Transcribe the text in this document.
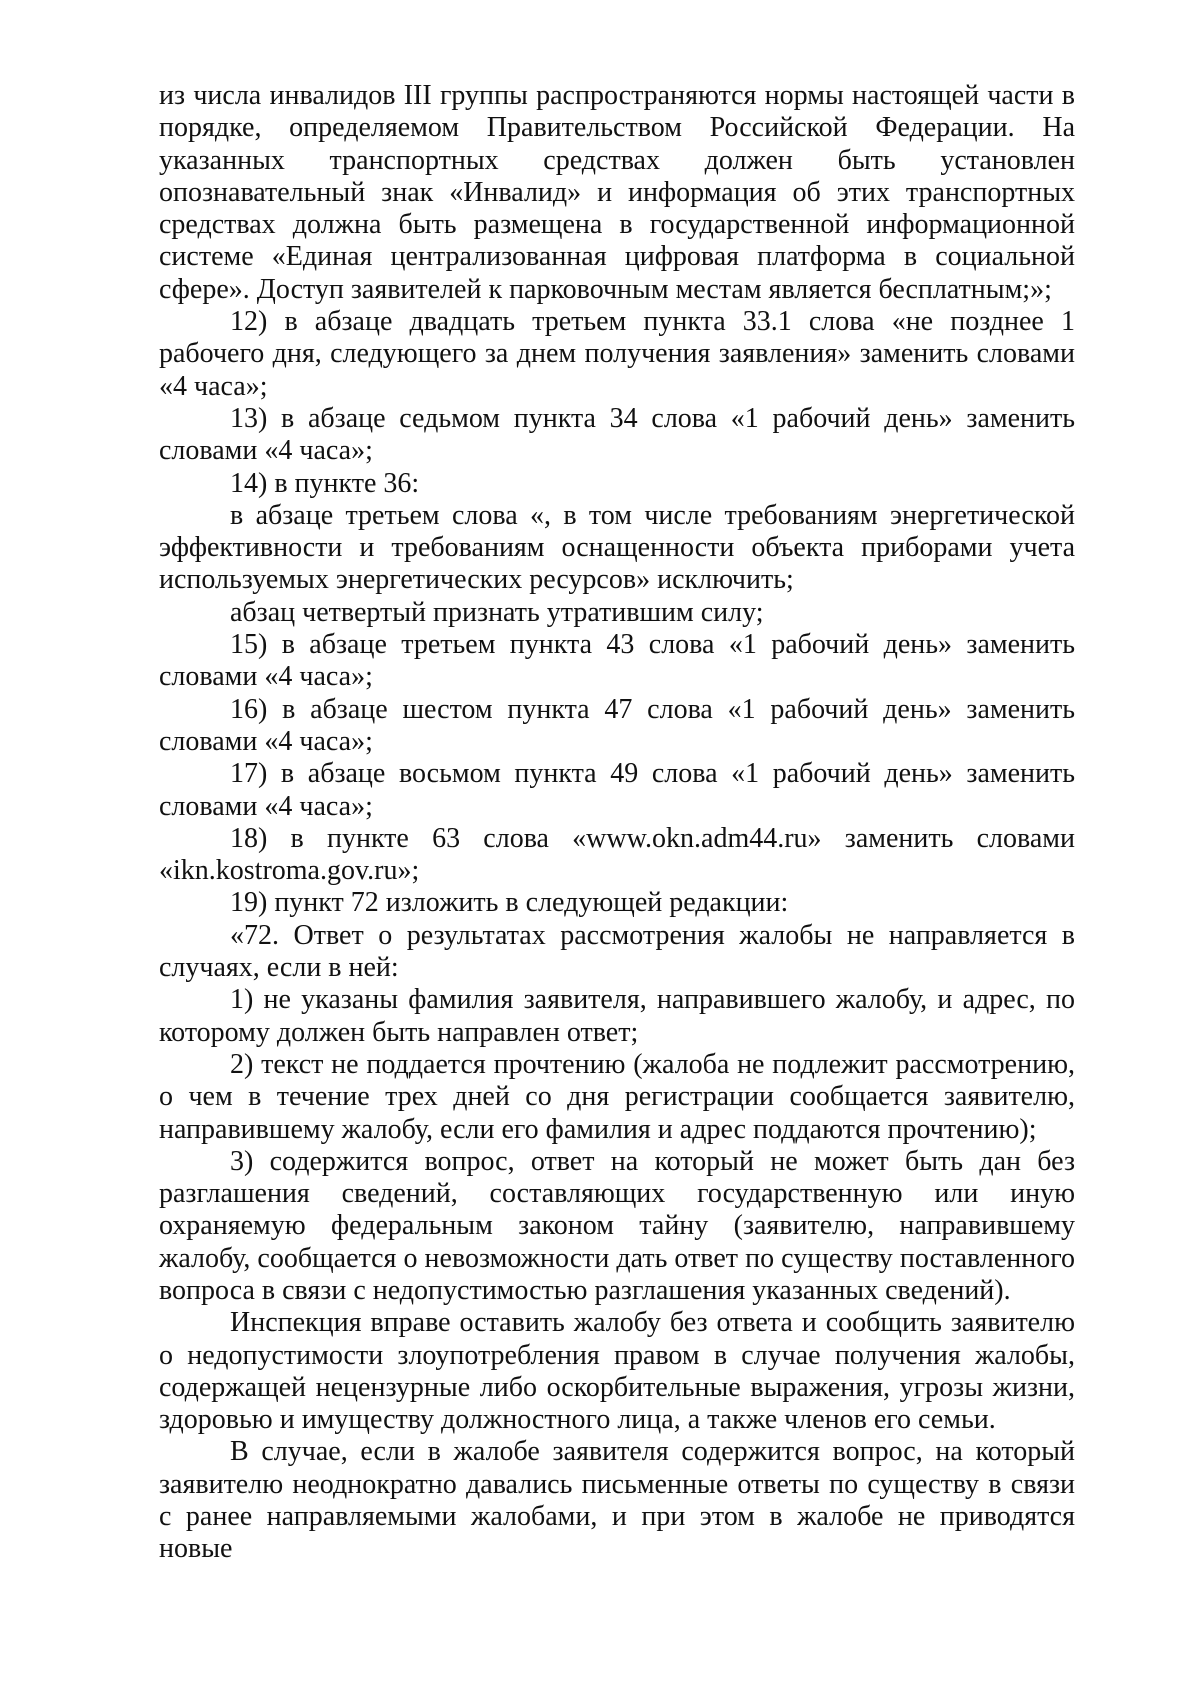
из числа инвалидов III группы распространяются нормы настоящей части в порядке, определяемом Правительством Российской Федерации. На указанных транспортных средствах должен быть установлен опознавательный знак «Инвалид» и информация об этих транспортных средствах должна быть размещена в государственной информационной системе «Единая централизованная цифровая платформа в социальной сфере». Доступ заявителей к парковочным местам является бесплатным;»;

12) в абзаце двадцать третьем пункта 33.1 слова «не позднее 1 рабочего дня, следующего за днем получения заявления» заменить словами «4 часа»;

13) в абзаце седьмом пункта 34 слова «1 рабочий день» заменить словами «4 часа»;

14) в пункте 36:

в абзаце третьем слова «, в том числе требованиям энергетической эффективности и требованиям оснащенности объекта приборами учета используемых энергетических ресурсов» исключить;

абзац четвертый признать утратившим силу;

15) в абзаце третьем пункта 43 слова «1 рабочий день» заменить словами «4 часа»;

16) в абзаце шестом пункта 47 слова «1 рабочий день» заменить словами «4 часа»;

17) в абзаце восьмом пункта 49 слова «1 рабочий день» заменить словами «4 часа»;

18) в пункте 63 слова «www.okn.adm44.ru» заменить словами «ikn.kostroma.gov.ru»;

19) пункт 72 изложить в следующей редакции:

«72. Ответ о результатах рассмотрения жалобы не направляется в случаях, если в ней:

1) не указаны фамилия заявителя, направившего жалобу, и адрес, по которому должен быть направлен ответ;

2) текст не поддается прочтению (жалоба не подлежит рассмотрению, о чем в течение трех дней со дня регистрации сообщается заявителю, направившему жалобу, если его фамилия и адрес поддаются прочтению);

3) содержится вопрос, ответ на который не может быть дан без разглашения сведений, составляющих государственную или иную охраняемую федеральным законом тайну (заявителю, направившему жалобу, сообщается о невозможности дать ответ по существу поставленного вопроса в связи с недопустимостью разглашения указанных сведений).

Инспекция вправе оставить жалобу без ответа и сообщить заявителю о недопустимости злоупотребления правом в случае получения жалобы, содержащей нецензурные либо оскорбительные выражения, угрозы жизни, здоровью и имуществу должностного лица, а также членов его семьи.

В случае, если в жалобе заявителя содержится вопрос, на который заявителю неоднократно давались письменные ответы по существу в связи с ранее направляемыми жалобами, и при этом в жалобе не приводятся новые
